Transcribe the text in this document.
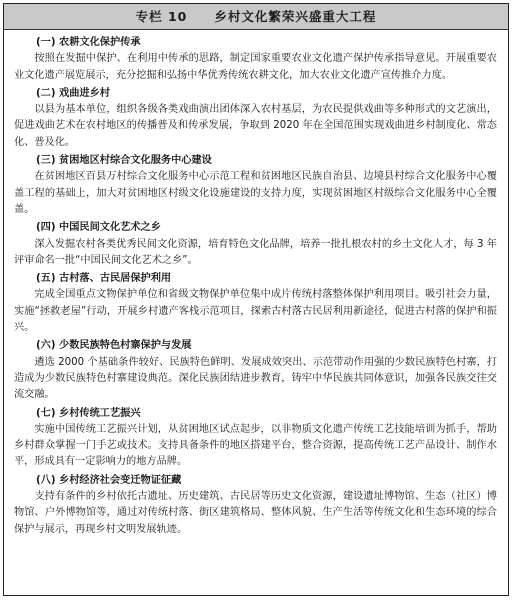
专栏 10　　乡村文化繁荣兴盛重大工程
(一) 农耕文化保护传承

按照在发掘中保护、在利用中传承的思路，制定国家重要农业文化遗产保护传承指导意见。开展重要农业文化遗产展览展示，充分挖掘和弘扬中华优秀传统农耕文化，加大农业文化遗产宣传推介力度。

(二) 戏曲进乡村

以县为基本单位，组织各级各类戏曲演出团体深入农村基层，为农民提供戏曲等多种形式的文艺演出，促进戏曲艺术在农村地区的传播普及和传承发展，争取到 2020 年在全国范围实现戏曲进乡村制度化、常态化、普及化。

(三) 贫困地区村综合文化服务中心建设

在贫困地区百县万村综合文化服务中心示范工程和贫困地区民族自治县、边境县村综合文化服务中心覆盖工程的基础上，加大对贫困地区村级文化设施建设的支持力度，实现贫困地区村级综合文化服务中心全覆盖。

(四) 中国民间文化艺术之乡

深入发掘农村各类优秀民间文化资源，培育特色文化品牌，培养一批扎根农村的乡土文化人才，每 3 年评审命名一批“中国民间文化艺术之乡”。

(五) 古村落、古民居保护利用

完成全国重点文物保护单位和省级文物保护单位集中成片传统村落整体保护利用项目。吸引社会力量，实施“拯救老屋”行动，开展乡村遗产客栈示范项目，探索古村落古民居利用新途径，促进古村落的保护和振兴。

(六) 少数民族特色村寨保护与发展

遴选 2000 个基础条件较好、民族特色鲜明、发展成效突出、示范带动作用强的少数民族特色村寨，打造成为少数民族特色村寨建设典范。深化民族团结进步教育，铸牢中华民族共同体意识，加强各民族交往交流交融。

(七) 乡村传统工艺振兴

实施中国传统工艺振兴计划，从贫困地区试点起步，以非物质文化遗产传统工艺技能培训为抓手，帮助乡村群众掌握一门手艺或技术。支持具备条件的地区搭建平台，整合资源，提高传统工艺产品设计、制作水平，形成具有一定影响力的地方品牌。

(八) 乡村经济社会变迁物证征藏

支持有条件的乡村依托古遗址、历史建筑、古民居等历史文化资源，建设遗址博物馆、生态（社区）博物馆、户外博物馆等，通过对传统村落、街区建筑格局、整体风貌、生产生活等传统文化和生态环境的综合保护与展示，再现乡村文明发展轨迹。
